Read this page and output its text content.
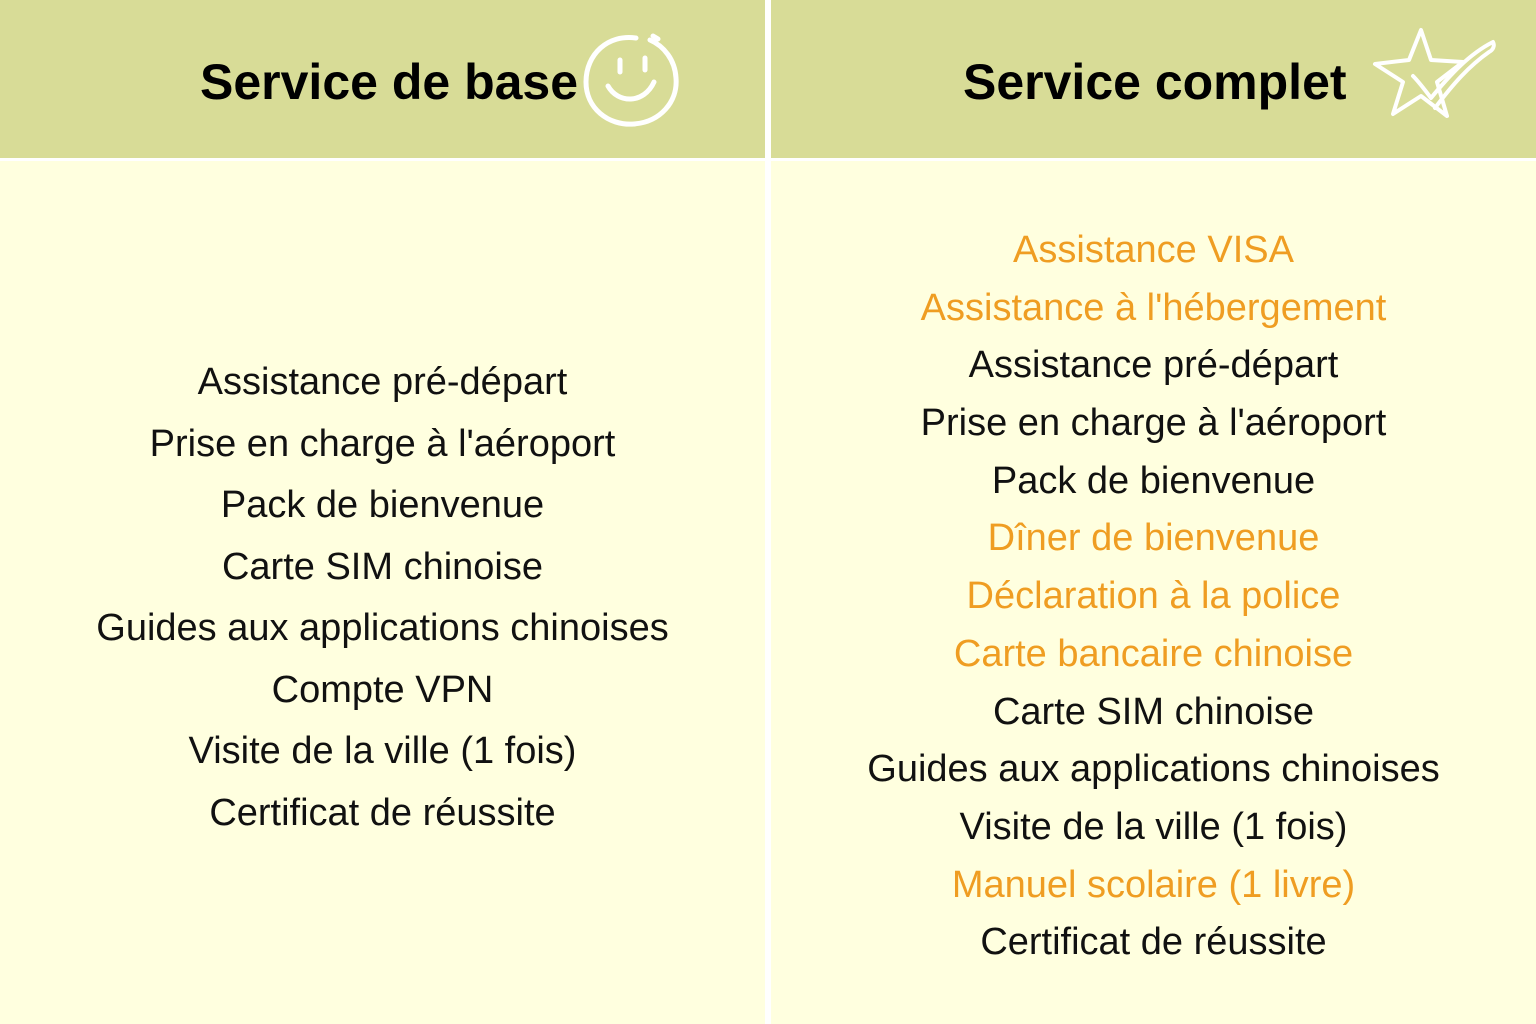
Service de base
Assistance pré-départ
Prise en charge à l'aéroport
Pack de bienvenue
Carte SIM chinoise
Guides aux applications chinoises
Compte VPN
Visite de la ville (1 fois)
Certificat de réussite
Service complet
Assistance VISA
Assistance à l'hébergement
Assistance pré-départ
Prise en charge à l'aéroport
Pack de bienvenue
Dîner de bienvenue
Déclaration à la police
Carte bancaire chinoise
Carte SIM chinoise
Guides aux applications chinoises
Visite de la ville (1 fois)
Manuel scolaire (1 livre)
Certificat de réussite
